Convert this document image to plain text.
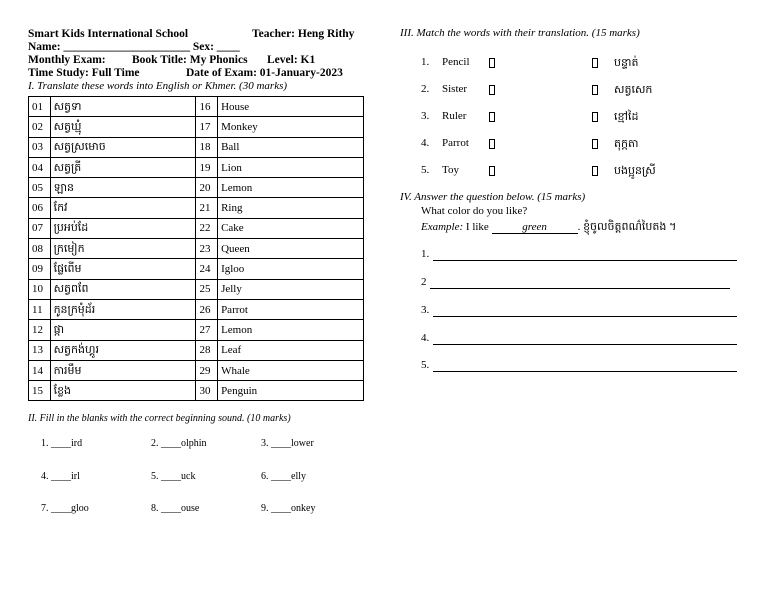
Smart Kids International School	Teacher: Heng Rithy
Name: ______________________ Sex: ____
Monthly Exam: Book Title: My Phonics Level: K1
Time Study: Full Time	Date of Exam: 01-January-2023
I. Translate these words into English or Khmer. (30 marks)
01	សត្វទា	16	House
02	សត្វឃ្មុំ	17	Monkey
03	សត្វស្រមោច	18	Ball
04	សត្វត្រី	19	Lion
05	ឡាន	20	Lemon
06	កែវ	21	Ring
07	ប្រអប់ដែ	22	Cake
08	ក្រមៀក	23	Queen
09	ផ្លែពើម	24	Igloo
10	សត្វពពែ	25	Jelly
11	កូនក្រមុំដ័រ	26	Parrot
12	ផ្កា	27	Lemon
13	សត្វកង់ហ្គូរ	28	Leaf
14	ការមឹម	29	Whale
15	ខ្លែង	30	Penguin
II. Fill in the blanks with the correct beginning sound. (10 marks)
1. ____ird	2. ____olphin	3. ____lower
4. ____irl	5. ____uck	6. ____elly
7. ____gloo	8. ____ouse	9. ____onkey
III. Match the words with their translation. (15 marks)
1. Pencil	បន្ទាត់
2. Sister	សត្វសេក
3. Ruler	ខ្មៅដៃ
4. Parrot	តុក្កតា
5. Toy	បងប្អូនស្រី
IV. Answer the question below. (15 marks)
What color do you like?
Example: I like	green	. ខ្ញុំចូលចិត្តពណ៌បៃតង ។
1.
2
3.
4.
5.
